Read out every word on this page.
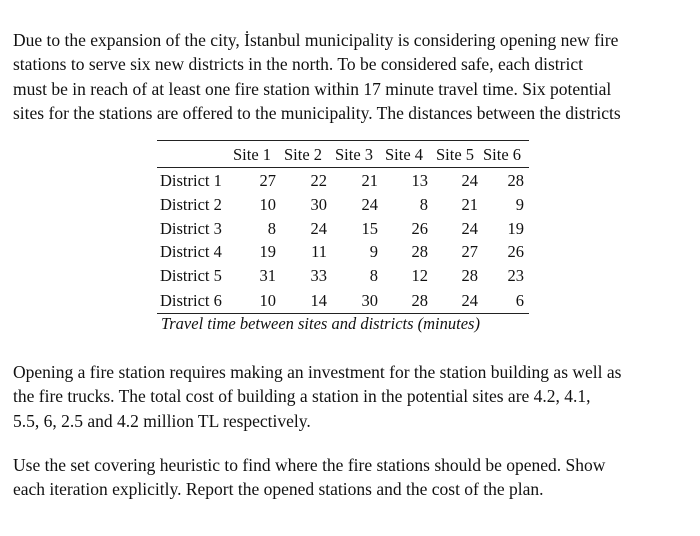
Due to the expansion of the city, İstanbul municipality is considering opening new fire
stations to serve six new districts in the north. To be considered safe, each district
must be in reach of at least one fire station within 17 minute travel time. Six potential
sites for the stations are offered to the municipality. The distances between the districts

Site 1 Site 2 Site 3 Site 4 Site 5 Site 6
District 1	27	22	21	13	24	28
District 2	10	30	24	8	21	9
District 3	8	24	15	26	24	19
District 4	19	11	9	28	27	26
District 5	31	33	8	12	28	23
District 6	10	14	30	28	24	6
Travel time between sites and districts (minutes)

Opening a fire station requires making an investment for the station building as well as
the fire trucks. The total cost of building a station in the potential sites are 4.2, 4.1,
5.5, 6, 2.5 and 4.2 million TL respectively.

Use the set covering heuristic to find where the fire stations should be opened. Show
each iteration explicitly. Report the opened stations and the cost of the plan.
